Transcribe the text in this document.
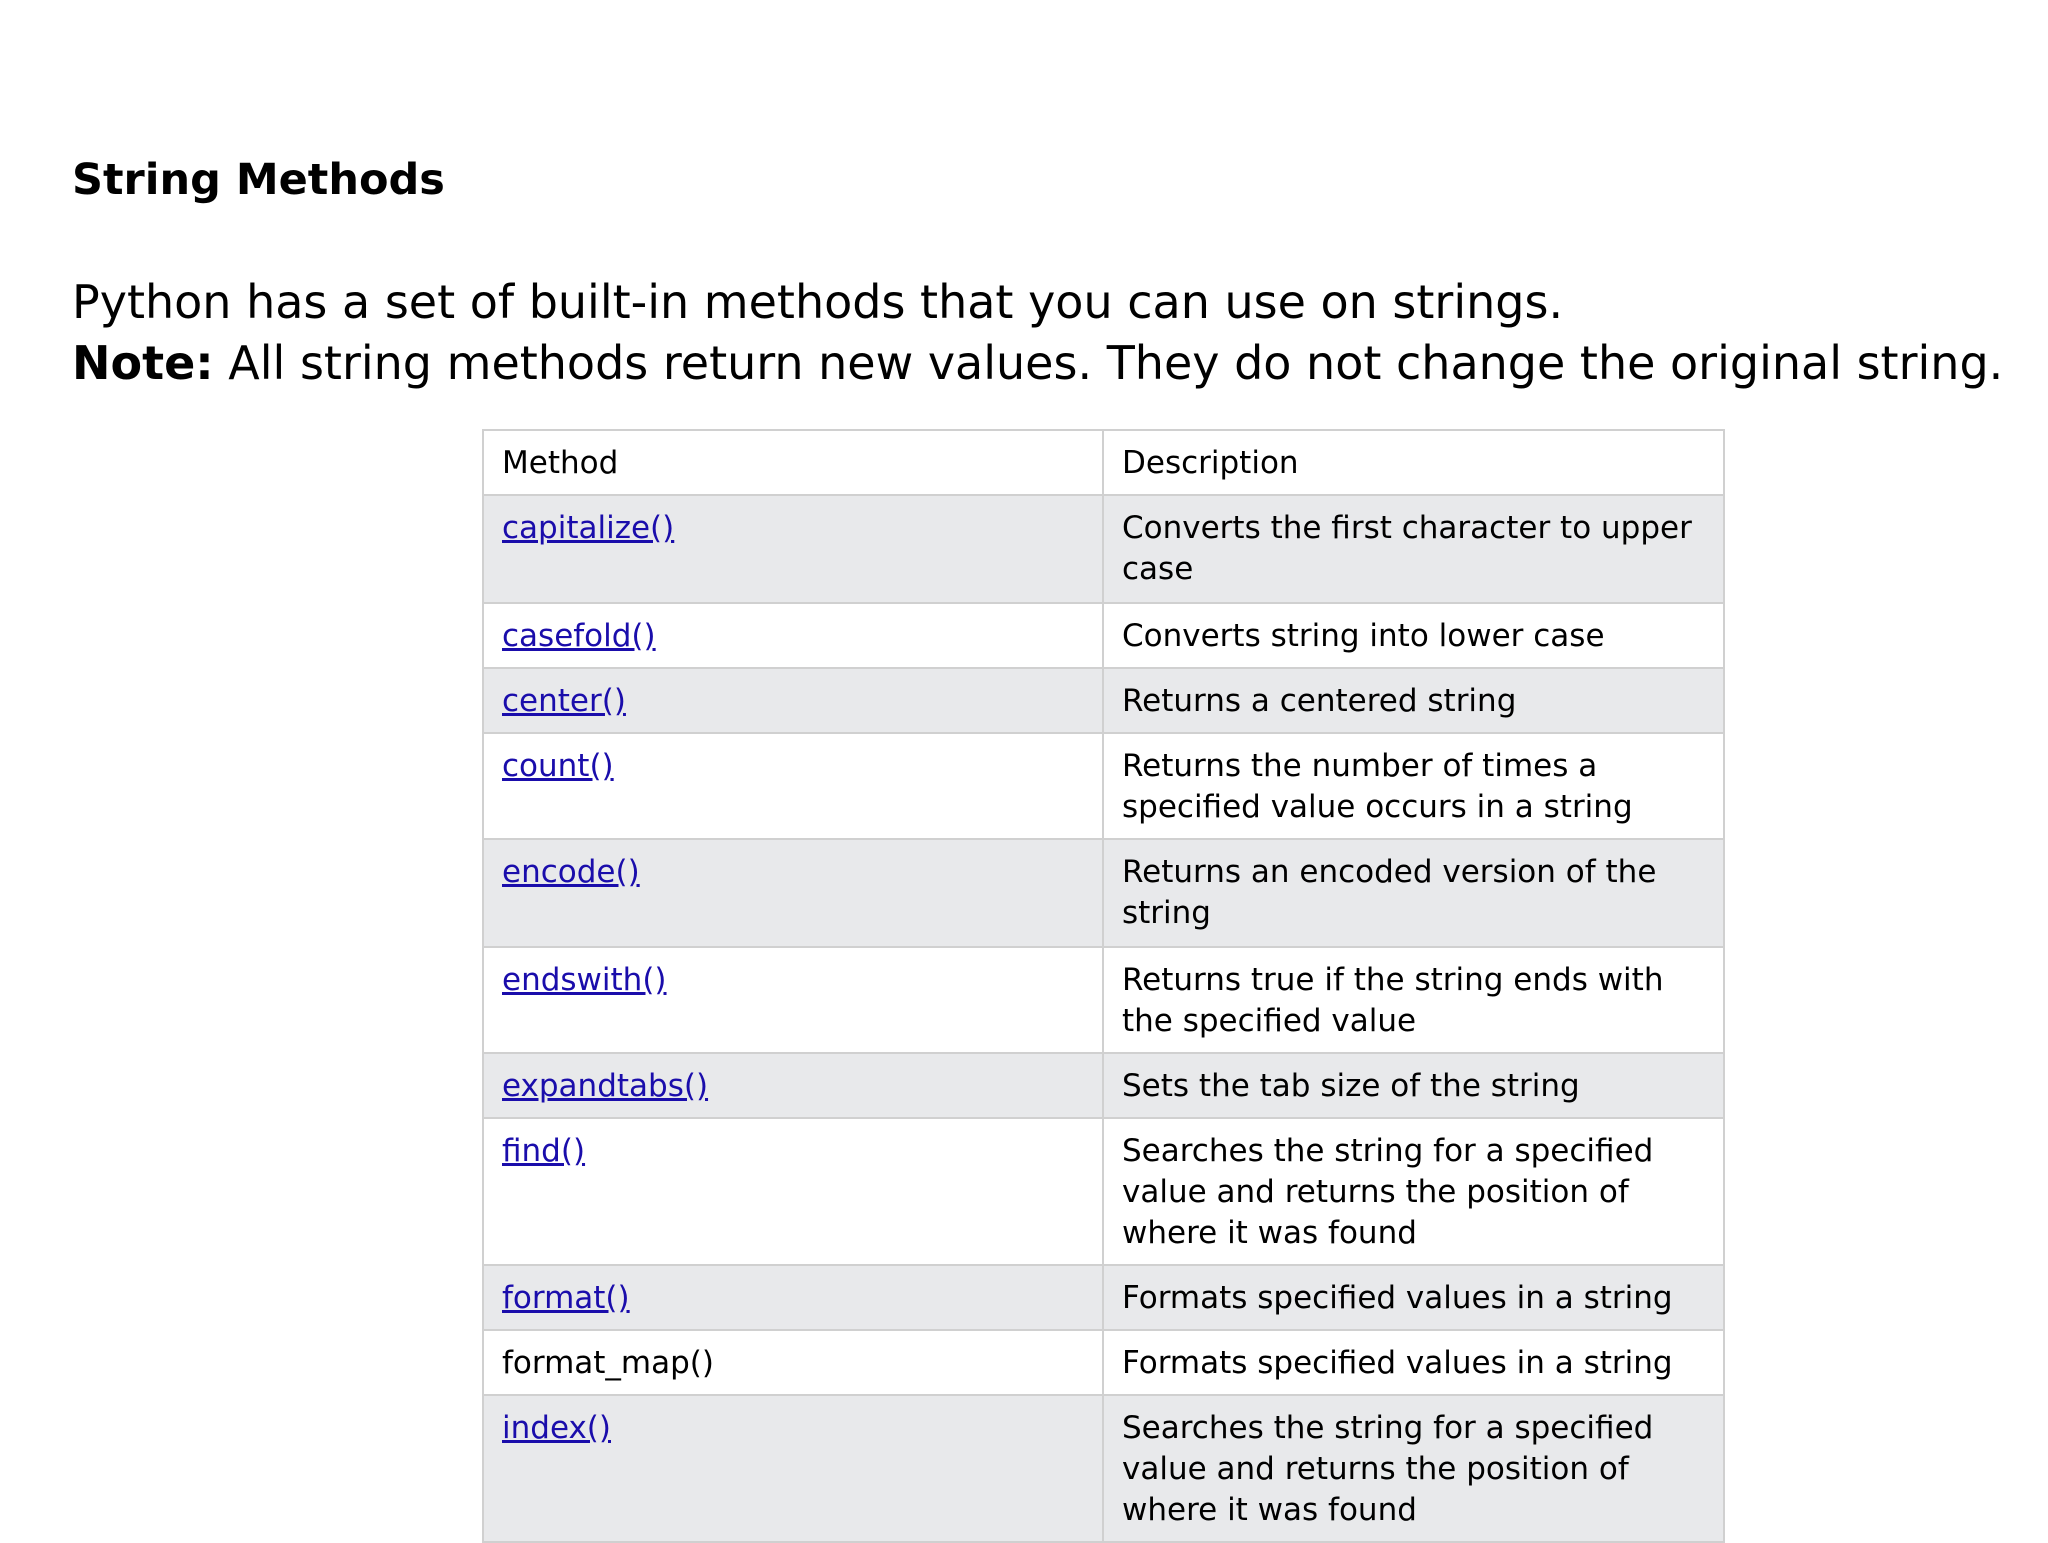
String Methods

Python has a set of built-in methods that you can use on strings.

Note: All string methods return new values. They do not change the original string.

Method	Description
capitalize()	Converts the first character to upper case
casefold()	Converts string into lower case
center()	Returns a centered string
count()	Returns the number of times a specified value occurs in a string
encode()	Returns an encoded version of the string
endswith()	Returns true if the string ends with the specified value
expandtabs()	Sets the tab size of the string
find()	Searches the string for a specified value and returns the position of where it was found
format()	Formats specified values in a string
format_map()	Formats specified values in a string
index()	Searches the string for a specified value and returns the position of where it was found
